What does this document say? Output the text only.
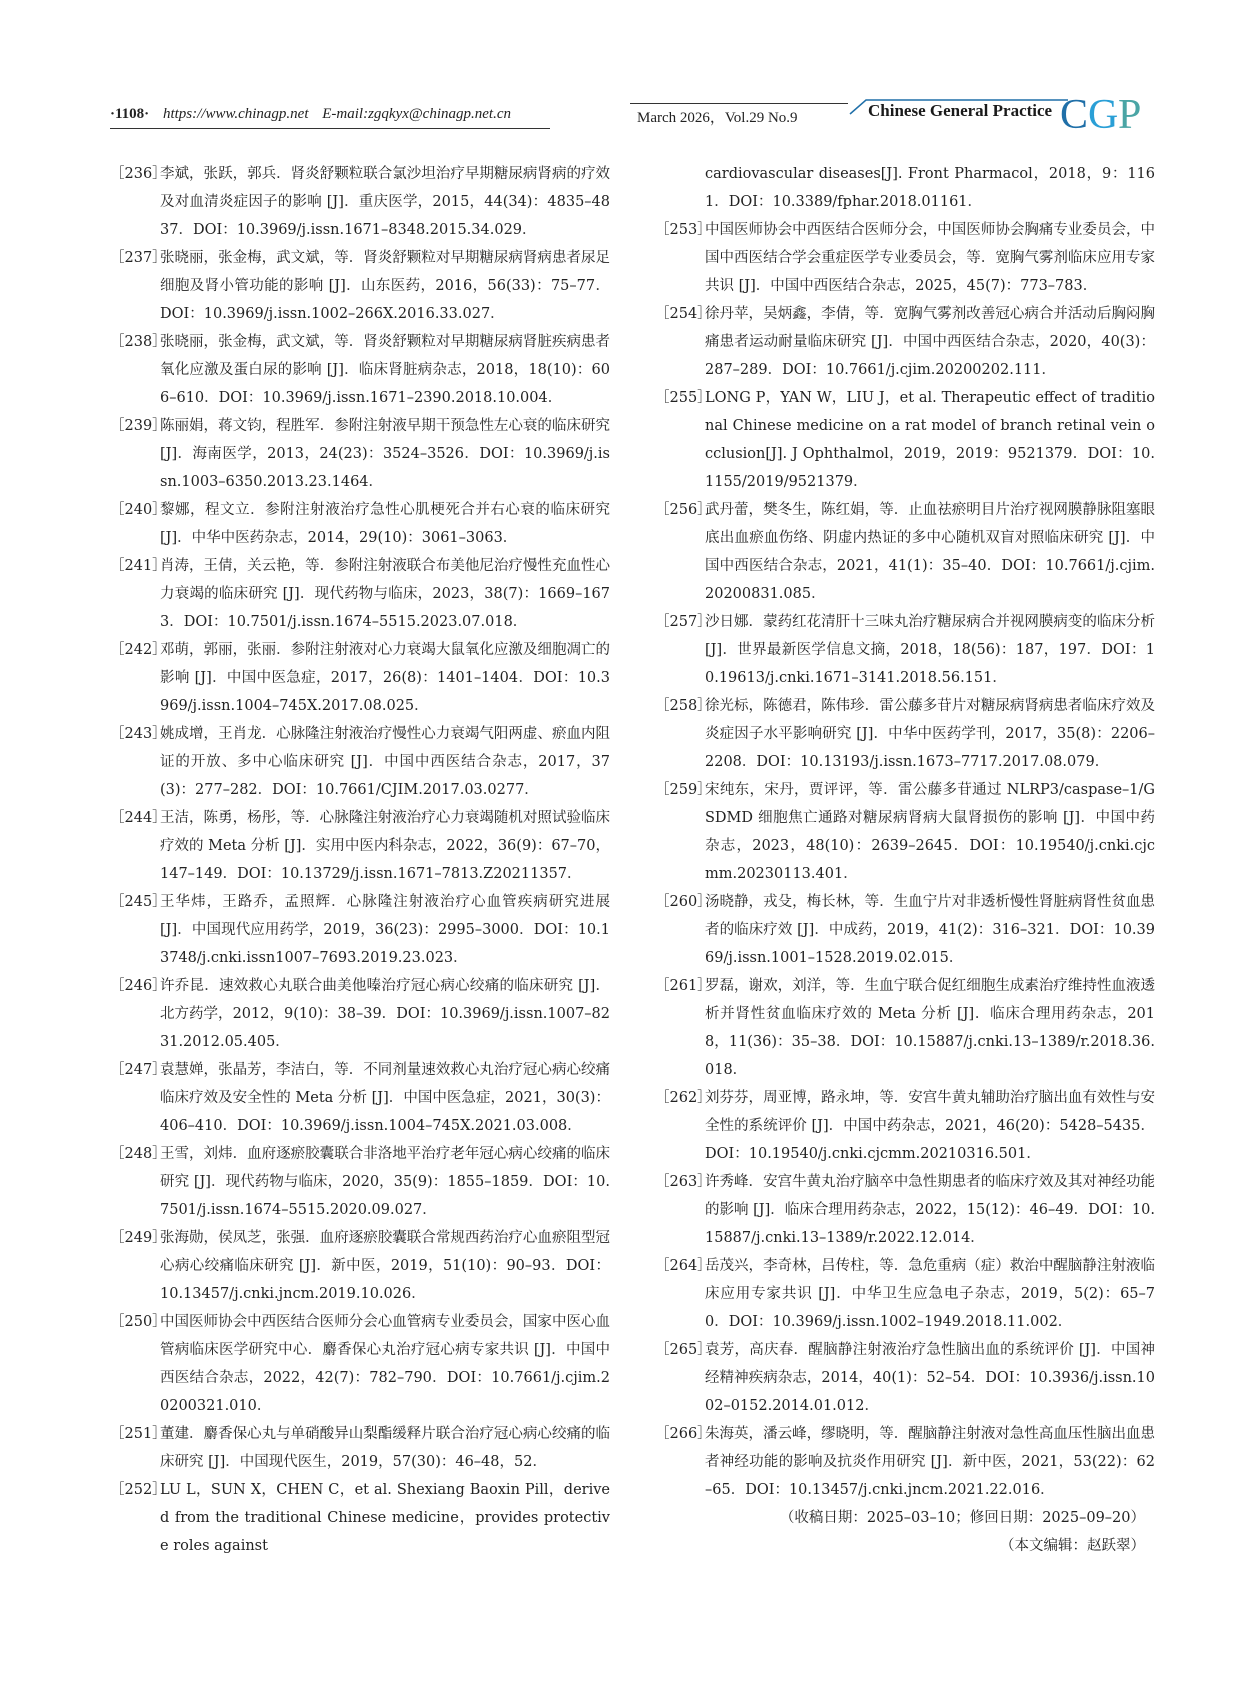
·1108· https://www.chinagp.net E-mail:zgqkyx@chinagp.net.cn	March 2026，Vol.29 No.9	Chinese General Practice C G P
［236］
李斌，张跃，郭兵．肾炎舒颗粒联合氯沙坦治疗早期糖尿病肾病的疗效及对血清炎症因子的影响 [J]．重庆医学，2015，44(34)：4835–4837．DOI：10.3969/j.issn.1671–8348.2015.34.029．
［237］
张晓丽，张金梅，武文斌，等．肾炎舒颗粒对早期糖尿病肾病患者尿足细胞及肾小管功能的影响 [J]．山东医药，2016，56(33)：75–77．DOI：10.3969/j.issn.1002–266X.2016.33.027．
［238］
张晓丽，张金梅，武文斌，等．肾炎舒颗粒对早期糖尿病肾脏疾病患者氧化应激及蛋白尿的影响 [J]．临床肾脏病杂志，2018，18(10)：606–610．DOI：10.3969/j.issn.1671–2390.2018.10.004．
［239］
陈丽娟，蒋文钧，程胜军．参附注射液早期干预急性左心衰的临床研究 [J]．海南医学，2013，24(23)：3524–3526．DOI：10.3969/j.issn.1003–6350.2013.23.1464．
［240］
黎娜，程文立．参附注射液治疗急性心肌梗死合并右心衰的临床研究 [J]．中华中医药杂志，2014，29(10)：3061–3063．
［241］
肖涛，王倩，关云艳，等．参附注射液联合布美他尼治疗慢性充血性心力衰竭的临床研究 [J]．现代药物与临床，2023，38(7)：1669–1673．DOI：10.7501/j.issn.1674–5515.2023.07.018．
［242］
邓萌，郭丽，张丽．参附注射液对心力衰竭大鼠氧化应激及细胞凋亡的影响 [J]．中国中医急症，2017，26(8)：1401–1404．DOI：10.3969/j.issn.1004–745X.2017.08.025．
［243］
姚成增，王肖龙．心脉隆注射液治疗慢性心力衰竭气阳两虚、瘀血内阻证的开放、多中心临床研究 [J]．中国中西医结合杂志，2017，37(3)：277–282．DOI：10.7661/CJIM.2017.03.0277．
［244］
王洁，陈勇，杨彤，等．心脉隆注射液治疗心力衰竭随机对照试验临床疗效的 Meta 分析 [J]．实用中医内科杂志，2022，36(9)：67–70，147–149．DOI：10.13729/j.issn.1671–7813.Z20211357．
［245］
王华炜，王路乔，孟照辉．心脉隆注射液治疗心血管疾病研究进展 [J]．中国现代应用药学，2019，36(23)：2995–3000．DOI：10.13748/j.cnki.issn1007–7693.2019.23.023．
［246］
许乔昆．速效救心丸联合曲美他嗪治疗冠心病心绞痛的临床研究 [J]．北方药学，2012，9(10)：38–39．DOI：10.3969/j.issn.1007–8231.2012.05.405．
［247］
袁慧婵，张晶芳，李洁白，等．不同剂量速效救心丸治疗冠心病心绞痛临床疗效及安全性的 Meta 分析 [J]．中国中医急症，2021，30(3)：406–410．DOI：10.3969/j.issn.1004–745X.2021.03.008．
［248］
王雪，刘炜．血府逐瘀胶囊联合非洛地平治疗老年冠心病心绞痛的临床研究 [J]．现代药物与临床，2020，35(9)：1855–1859．DOI：10.7501/j.issn.1674–5515.2020.09.027．
［249］
张海勋，侯凤芝，张强．血府逐瘀胶囊联合常规西药治疗心血瘀阻型冠心病心绞痛临床研究 [J]．新中医，2019，51(10)：90–93．DOI：10.13457/j.cnki.jncm.2019.10.026．
［250］
中国医师协会中西医结合医师分会心血管病专业委员会，国家中医心血管病临床医学研究中心．麝香保心丸治疗冠心病专家共识 [J]．中国中西医结合杂志，2022，42(7)：782–790．DOI：10.7661/j.cjim.20200321.010．
［251］
董建．麝香保心丸与单硝酸异山梨酯缓释片联合治疗冠心病心绞痛的临床研究 [J]．中国现代医生，2019，57(30)：46–48，52．
［252］
LU L，SUN X，CHEN C，et al. Shexiang Baoxin Pill，derived from the traditional Chinese medicine，provides protective roles against
cardiovascular diseases[J]. Front Pharmacol，2018，9：1161．DOI：10.3389/fphar.2018.01161．
［253］
中国医师协会中西医结合医师分会，中国医师协会胸痛专业委员会，中国中西医结合学会重症医学专业委员会，等．宽胸气雾剂临床应用专家共识 [J]．中国中西医结合杂志，2025，45(7)：773–783．
［254］
徐丹苹，吴炳鑫，李倩，等．宽胸气雾剂改善冠心病合并活动后胸闷胸痛患者运动耐量临床研究 [J]．中国中西医结合杂志，2020，40(3)：287–289．DOI：10.7661/j.cjim.20200202.111．
［255］
LONG P，YAN W，LIU J，et al. Therapeutic effect of traditional Chinese medicine on a rat model of branch retinal vein occlusion[J]. J Ophthalmol，2019，2019：9521379．DOI：10.1155/2019/9521379．
［256］
武丹蕾，樊冬生，陈红娟，等．止血祛瘀明目片治疗视网膜静脉阻塞眼底出血瘀血伤络、阴虚内热证的多中心随机双盲对照临床研究 [J]．中国中西医结合杂志，2021，41(1)：35–40．DOI：10.7661/j.cjim.20200831.085．
［257］
沙日娜．蒙药红花清肝十三味丸治疗糖尿病合并视网膜病变的临床分析 [J]．世界最新医学信息文摘，2018，18(56)：187，197．DOI：10.19613/j.cnki.1671–3141.2018.56.151．
［258］
徐光标，陈德君，陈伟珍．雷公藤多苷片对糖尿病肾病患者临床疗效及炎症因子水平影响研究 [J]．中华中医药学刊，2017，35(8)：2206–2208．DOI：10.13193/j.issn.1673–7717.2017.08.079．
［259］
宋纯东，宋丹，贾评评，等．雷公藤多苷通过 NLRP3/caspase–1/GSDMD 细胞焦亡通路对糖尿病肾病大鼠肾损伤的影响 [J]．中国中药杂志，2023，48(10)：2639–2645．DOI：10.19540/j.cnki.cjcmm.20230113.401．
［260］
汤晓静，戎殳，梅长林，等．生血宁片对非透析慢性肾脏病肾性贫血患者的临床疗效 [J]．中成药，2019，41(2)：316–321．DOI：10.3969/j.issn.1001–1528.2019.02.015．
［261］
罗磊，谢欢，刘洋，等．生血宁联合促红细胞生成素治疗维持性血液透析并肾性贫血临床疗效的 Meta 分析 [J]．临床合理用药杂志，2018，11(36)：35–38．DOI：10.15887/j.cnki.13–1389/r.2018.36.018．
［262］
刘芬芬，周亚博，路永坤，等．安宫牛黄丸辅助治疗脑出血有效性与安全性的系统评价 [J]．中国中药杂志，2021，46(20)：5428–5435．DOI：10.19540/j.cnki.cjcmm.20210316.501．
［263］
许秀峰．安宫牛黄丸治疗脑卒中急性期患者的临床疗效及其对神经功能的影响 [J]．临床合理用药杂志，2022，15(12)：46–49．DOI：10.15887/j.cnki.13–1389/r.2022.12.014．
［264］
岳茂兴，李奇林，吕传柱，等．急危重病（症）救治中醒脑静注射液临床应用专家共识 [J]．中华卫生应急电子杂志，2019，5(2)：65–70．DOI：10.3969/j.issn.1002–1949.2018.11.002．
［265］
袁芳，高庆春．醒脑静注射液治疗急性脑出血的系统评价 [J]．中国神经精神疾病杂志，2014，40(1)：52–54．DOI：10.3936/j.issn.1002–0152.2014.01.012．
［266］
朱海英，潘云峰，缪晓明，等．醒脑静注射液对急性高血压性脑出血患者神经功能的影响及抗炎作用研究 [J]．新中医，2021，53(22)：62–65．DOI：10.13457/j.cnki.jncm.2021.22.016．
（收稿日期：2025–03–10；修回日期：2025–09–20）
（本文编辑：赵跃翠）
